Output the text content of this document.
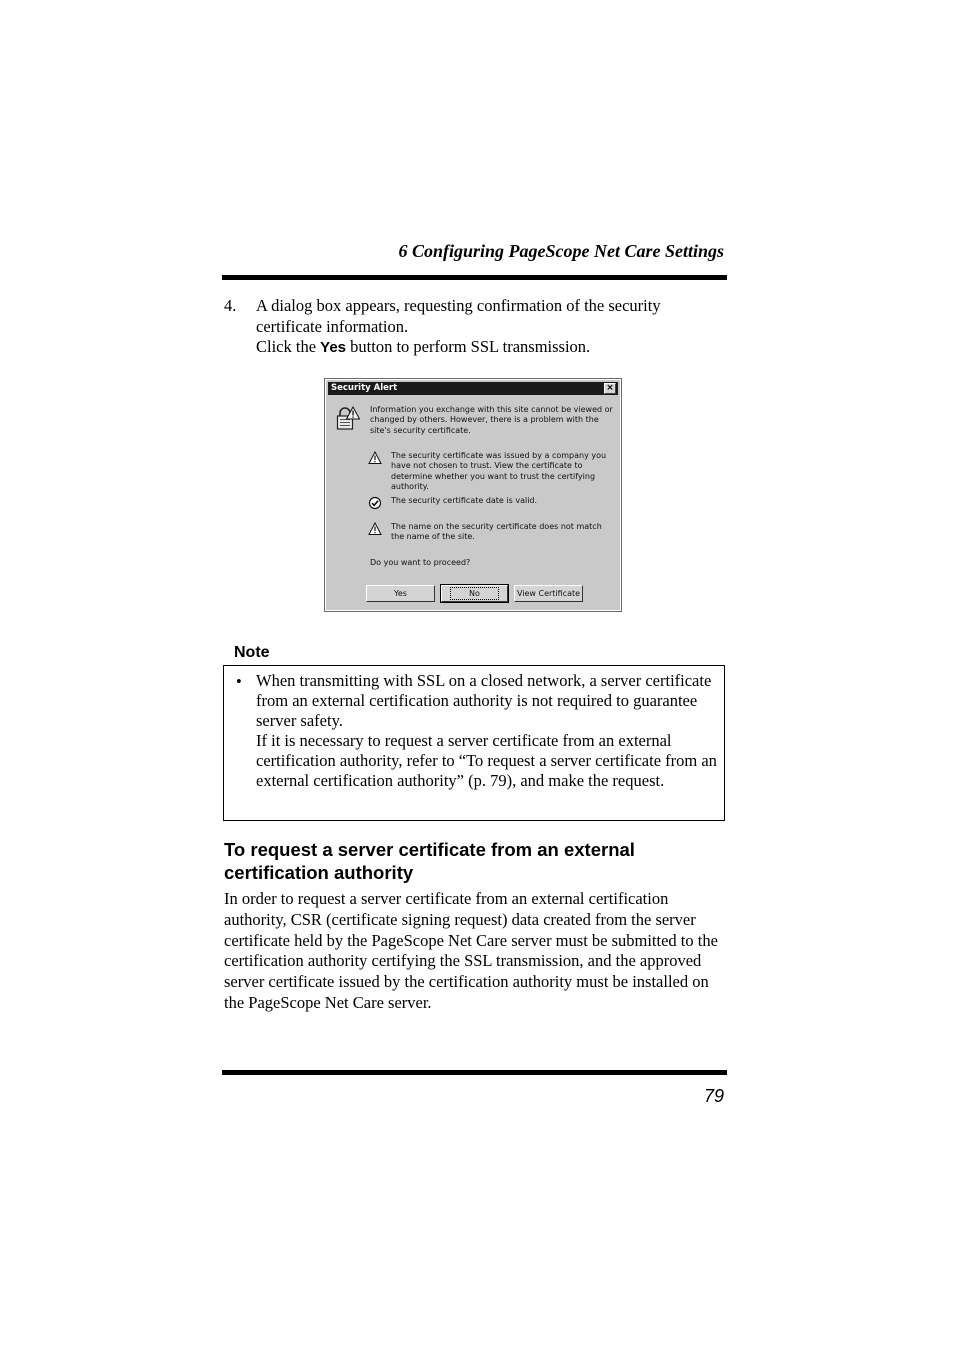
6 Configuring PageScope Net Care Settings
4. A dialog box appears, requesting confirmation of the security certificate information.
Click the Yes button to perform SSL transmission.
Security Alert	×
Information you exchange with this site cannot be viewed or changed by others. However, there is a problem with the site's security certificate.
The security certificate was issued by a company you have not chosen to trust. View the certificate to determine whether you want to trust the certifying authority.
The security certificate date is valid.
The name on the security certificate does not match the name of the site.
Do you want to proceed?
Yes	No	View Certificate
Note
• When transmitting with SSL on a closed network, a server certificate from an external certification authority is not required to guarantee server safety.
If it is necessary to request a server certificate from an external certification authority, refer to “To request a server certificate from an external certification authority” (p. 79), and make the request.
To request a server certificate from an external certification authority
In order to request a server certificate from an external certification authority, CSR (certificate signing request) data created from the server certificate held by the PageScope Net Care server must be submitted to the certification authority certifying the SSL transmission, and the approved server certificate issued by the certification authority must be installed on the PageScope Net Care server.
79
